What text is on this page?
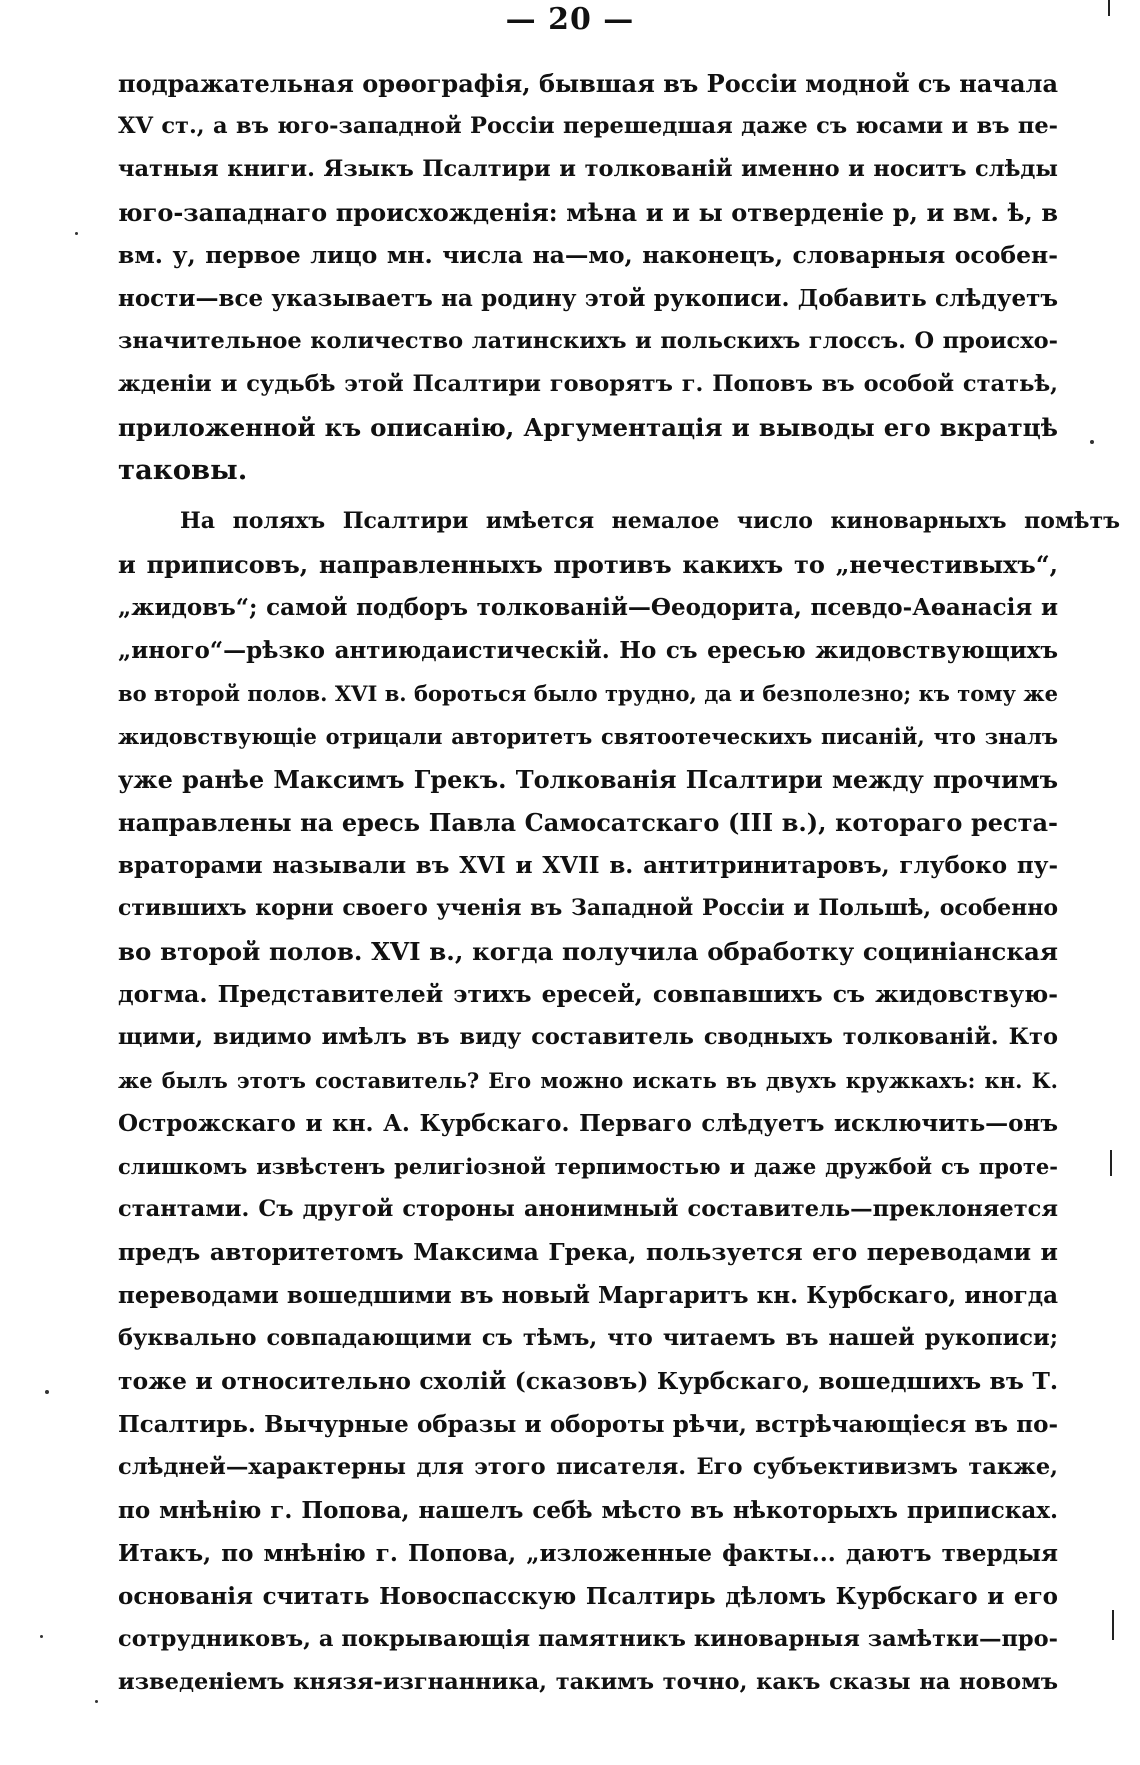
— 20 —
подражательная орѳографія, бывшая въ Россіи модной съ начала
XV ст., а въ юго-западной Россіи перешедшая даже съ юсами и въ пе-
чатныя книги. Языкъ Псалтири и толкованій именно и носитъ слѣды
юго-западнаго происхожденія: мѣна и и ы отверденіе р, и вм. ѣ, в
вм. у, первое лицо мн. числа на—мо, наконецъ, словарныя особен-
ности—все указываетъ на родину этой рукописи. Добавить слѣдуетъ
значительное количество латинскихъ и польскихъ глоссъ. О происхо-
жденіи и судьбѣ этой Псалтири говорятъ г. Поповъ въ особой статьѣ,
приложенной къ описанію, Аргументація и выводы его вкратцѣ
таковы.
На поляхъ Псалтири имѣется немалое число киноварныхъ помѣтъ
и приписовъ, направленныхъ противъ какихъ то „нечестивыхъ“,
„жидовъ“; самой подборъ толкованій—Ѳеодорита, псевдо-Аѳанасія и
„иного“—рѣзко антиюдаистическій. Но съ ересью жидовствующихъ
во второй полов. XVI в. бороться было трудно, да и безполезно; къ тому же
жидовствующіе отрицали авторитетъ святоотеческихъ писаній, что зналъ
уже ранѣе Максимъ Грекъ. Толкованія Псалтири между прочимъ
направлены на ересь Павла Самосатскаго (III в.), котораго рестa-
враторами называли въ XVI и XVII в. антитринитаровъ, глубоко пу-
стившихъ корни своего ученія въ Западной Россіи и Польшѣ, особенно
во второй полов. XVI в., когда получила обработку социніанская
догма. Представителей этихъ ересей, совпавшихъ съ жидовствую-
щими, видимо имѣлъ въ виду составитель сводныхъ толкованій. Кто
же былъ этотъ составитель? Его можно искать въ двухъ кружкахъ: кн. К.
Острожскаго и кн. А. Курбскаго. Перваго слѣдуетъ исключить—онъ
слишкомъ извѣстенъ религіозной терпимостью и даже дружбой съ проте-
стантами. Съ другой стороны анонимный составитель—преклоняется
предъ авторитетомъ Максима Грека, пользуется его переводами и
переводами вошедшими въ новый Маргаритъ кн. Курбскаго, иногда
буквально совпадающими съ тѣмъ, что читаемъ въ нашей рукописи;
тоже и относительно схолій (сказовъ) Курбскаго, вошедшихъ въ Т.
Псалтирь. Вычурные образы и обороты рѣчи, встрѣчающіеся въ по-
слѣдней—характерны для этого писателя. Его субъективизмъ также,
по мнѣнію г. Попова, нашелъ себѣ мѣсто въ нѣкоторыхъ приписках.
Итакъ, по мнѣнію г. Попова, „изложенные факты... даютъ твердыя
основанія считать Новоспасскую Псалтирь дѣломъ Курбскаго и его
сотрудниковъ, а покрывающія памятникъ киноварныя замѣтки—про-
изведеніемъ князя-изгнанника, такимъ точно, какъ сказы на новомъ
